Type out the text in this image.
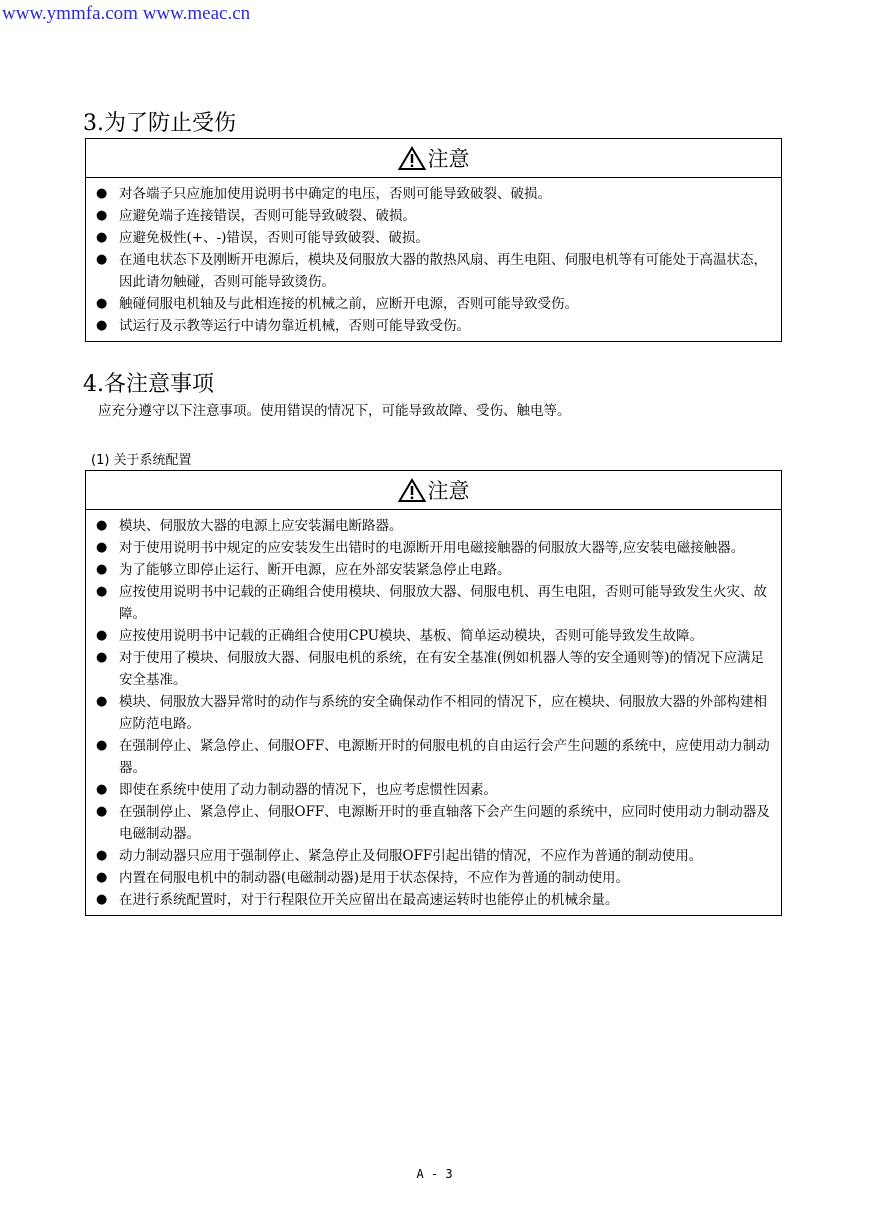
www.ymmfa.com www.meac.cn
3.为了防止受伤
注意
● 对各端子只应施加使用说明书中确定的电压，否则可能导致破裂、破损。
● 应避免端子连接错误，否则可能导致破裂、破损。
● 应避免极性(+、-)错误，否则可能导致破裂、破损。
● 在通电状态下及刚断开电源后，模块及伺服放大器的散热风扇、再生电阻、伺服电机等有可能处于高温状态，因此请勿触碰，否则可能导致烫伤。
● 触碰伺服电机轴及与此相连接的机械之前，应断开电源，否则可能导致受伤。
● 试运行及示教等运行中请勿靠近机械，否则可能导致受伤。
4.各注意事项
应充分遵守以下注意事项。使用错误的情况下，可能导致故障、受伤、触电等。
(1) 关于系统配置
注意
● 模块、伺服放大器的电源上应安装漏电断路器。
● 对于使用说明书中规定的应安装发生出错时的电源断开用电磁接触器的伺服放大器等,应安装电磁接触器。
● 为了能够立即停止运行、断开电源，应在外部安装紧急停止电路。
● 应按使用说明书中记载的正确组合使用模块、伺服放大器、伺服电机、再生电阻，否则可能导致发生火灾、故障。
● 应按使用说明书中记载的正确组合使用CPU模块、基板、简单运动模块，否则可能导致发生故障。
● 对于使用了模块、伺服放大器、伺服电机的系统，在有安全基准(例如机器人等的安全通则等)的情况下应满足安全基准。
● 模块、伺服放大器异常时的动作与系统的安全确保动作不相同的情况下，应在模块、伺服放大器的外部构建相应防范电路。
● 在强制停止、紧急停止、伺服OFF、电源断开时的伺服电机的自由运行会产生问题的系统中，应使用动力制动器。
● 即使在系统中使用了动力制动器的情况下，也应考虑惯性因素。
● 在强制停止、紧急停止、伺服OFF、电源断开时的垂直轴落下会产生问题的系统中，应同时使用动力制动器及电磁制动器。
● 动力制动器只应用于强制停止、紧急停止及伺服OFF引起出错的情况，不应作为普通的制动使用。
● 内置在伺服电机中的制动器(电磁制动器)是用于状态保持，不应作为普通的制动使用。
● 在进行系统配置时，对于行程限位开关应留出在最高速运转时也能停止的机械余量。
A - 3
